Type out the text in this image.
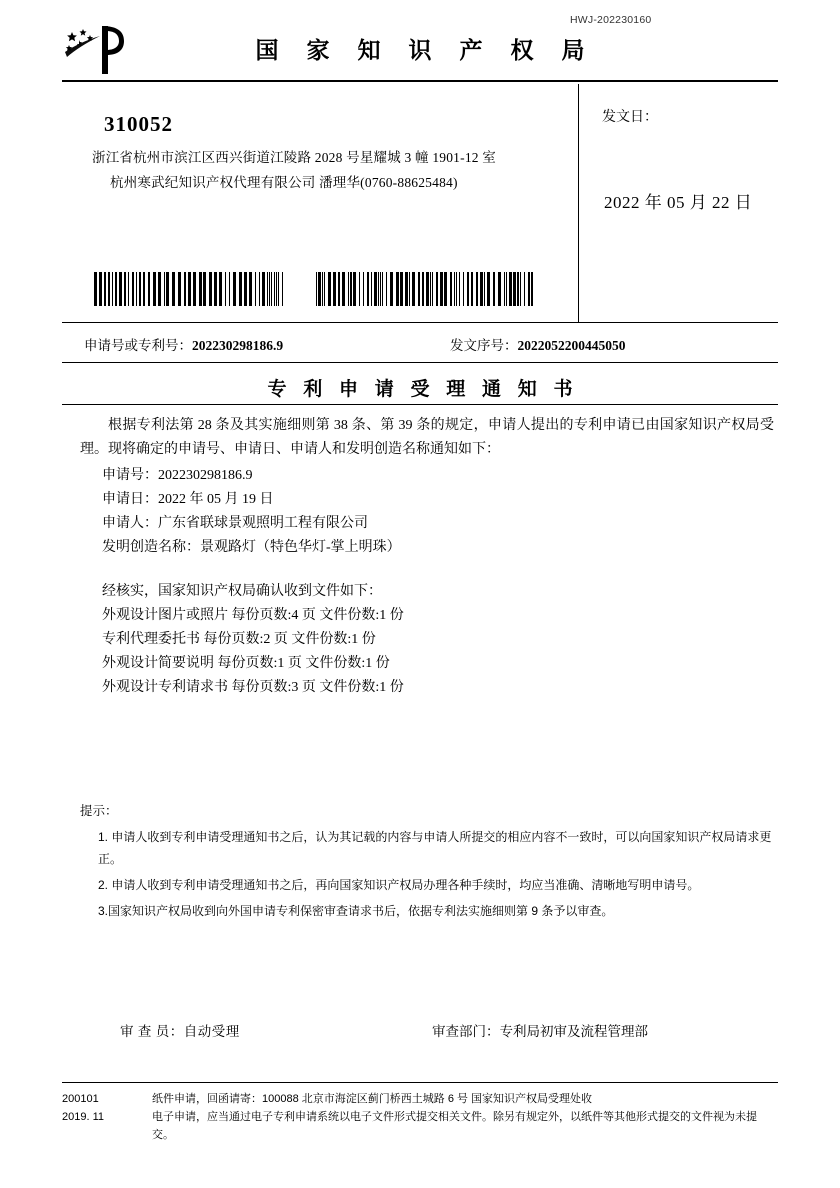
HWJ-202230160
国 家 知 识 产 权 局
310052
浙江省杭州市滨江区西兴街道江陵路 2028 号星耀城 3 幢 1901-12 室
杭州寒武纪知识产权代理有限公司 潘理华(0760-88625484)
发文日：
2022 年 05 月 22 日
申请号或专利号：202230298186.9	发文序号：2022052200445050
专 利 申 请 受 理 通 知 书

根据专利法第 28 条及其实施细则第 38 条、第 39 条的规定，申请人提出的专利申请已由国家知识产权局受理。现将确定的申请号、申请日、申请人和发明创造名称通知如下：

申请号：202230298186.9

申请日：2022 年 05 月 19 日

申请人：广东省联球景观照明工程有限公司

发明创造名称：景观路灯（特色华灯-掌上明珠）

经核实，国家知识产权局确认收到文件如下：

外观设计图片或照片 每份页数:4 页 文件份数:1 份

专利代理委托书 每份页数:2 页 文件份数:1 份

外观设计简要说明 每份页数:1 页 文件份数:1 份

外观设计专利请求书 每份页数:3 页 文件份数:1 份

提示：
1. 申请人收到专利申请受理通知书之后，认为其记载的内容与申请人所提交的相应内容不一致时，可以向国家知识产权局请求更正。
2. 申请人收到专利申请受理通知书之后，再向国家知识产权局办理各种手续时，均应当准确、清晰地写明申请号。
3.国家知识产权局收到向外国申请专利保密审查请求书后，依据专利法实施细则第 9 条予以审查。
审 查 员：自动受理	审查部门：专利局初审及流程管理部
200101
2019. 11
纸件申请，回函请寄：100088 北京市海淀区蓟门桥西土城路 6 号 国家知识产权局受理处收
电子申请，应当通过电子专利申请系统以电子文件形式提交相关文件。除另有规定外，以纸件等其他形式提交的文件视为未提交。
